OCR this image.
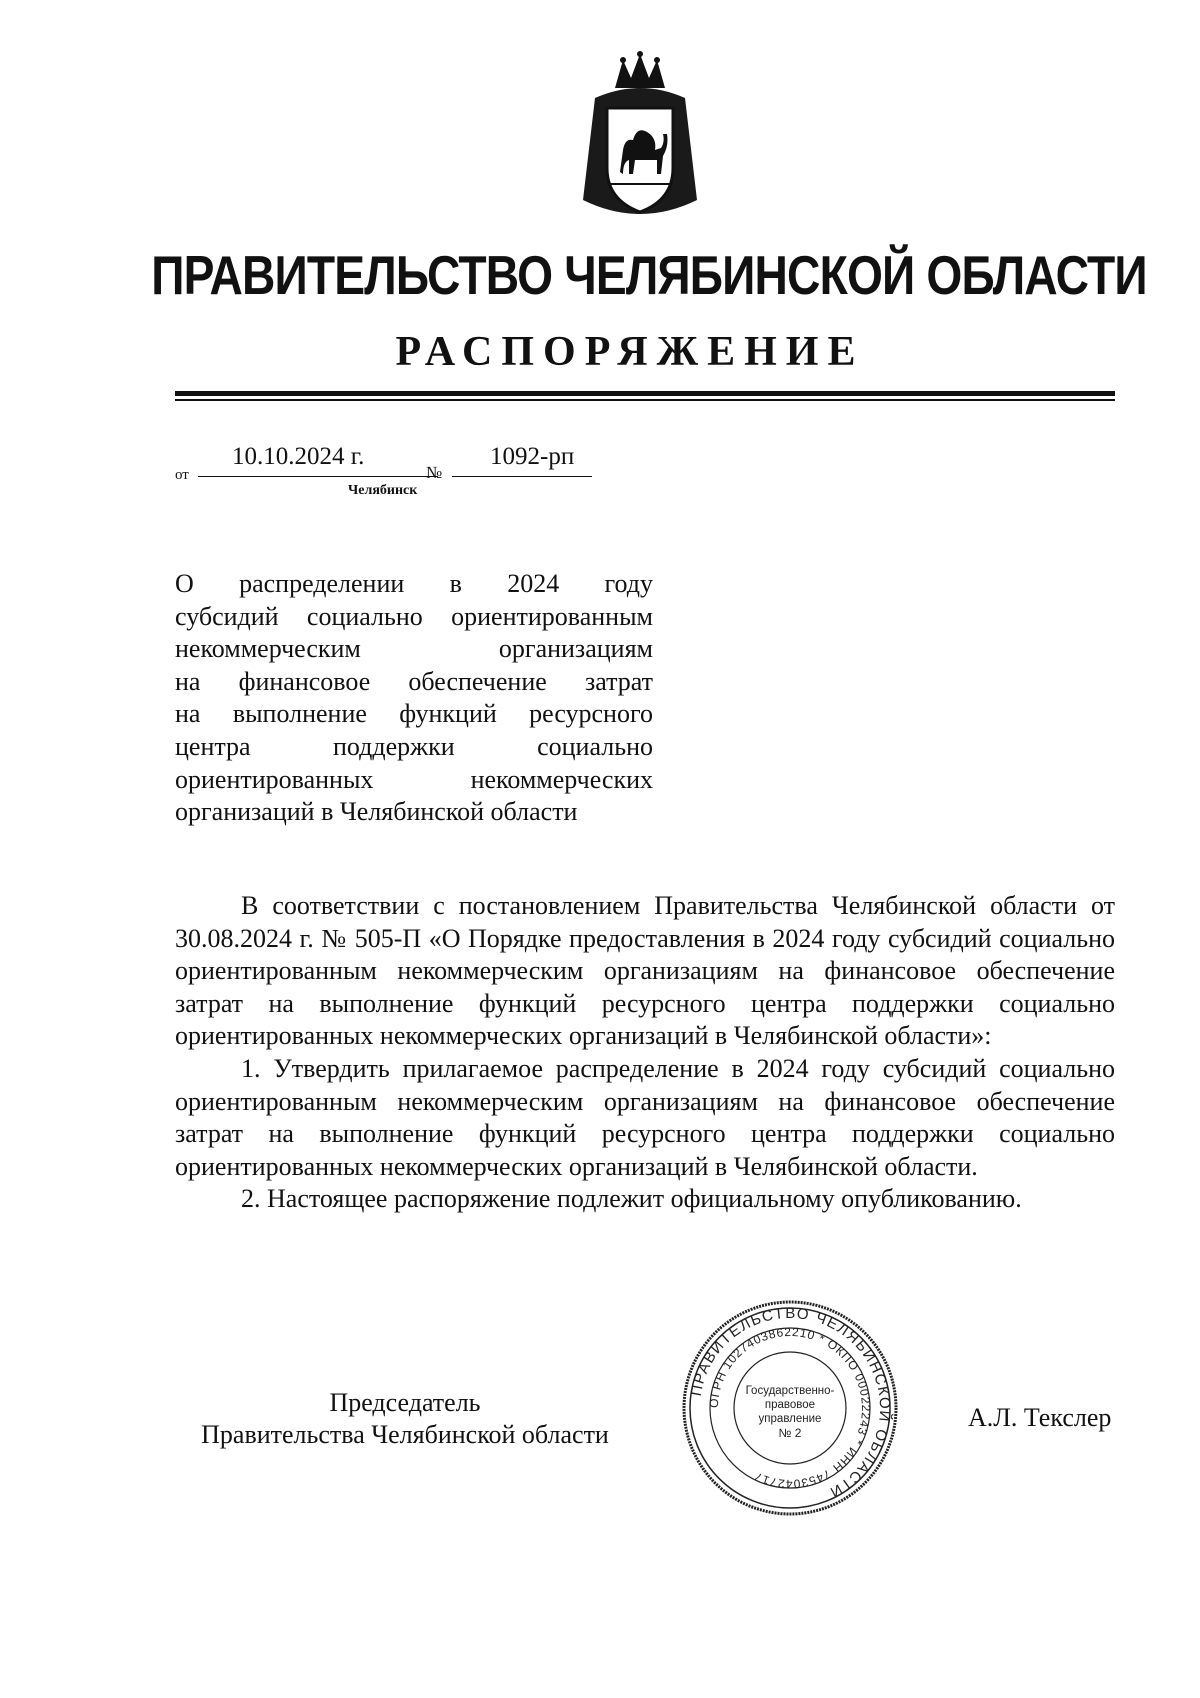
ПРАВИТЕЛЬСТВО ЧЕЛЯБИНСКОЙ ОБЛАСТИ
РАСПОРЯЖЕНИЕ
от
10.10.2024 г.
№
1092-рп
Челябинск
О распределении в 2024 году
субсидий социально ориентированным
некоммерческим организациям
на финансовое обеспечение затрат
на выполнение функций ресурсного
центра поддержки социально
ориентированных некоммерческих
организаций в Челябинской области

В соответствии с постановлением Правительства Челябинской области от 30.08.2024 г. № 505-П «О Порядке предоставления в 2024 году субсидий социально ориентированным некоммерческим организациям на финансовое обеспечение затрат на выполнение функций ресурсного центра поддержки социально ориентированных некоммерческих организаций в Челябинской области»:

1. Утвердить прилагаемое распределение в 2024 году субсидий социально ориентированным некоммерческим организациям на финансовое обеспечение затрат на выполнение функций ресурсного центра поддержки социально ориентированных некоммерческих организаций в Челябинской области.

2. Настоящее распоряжение подлежит официальному опубликованию.

Председатель
Правительства Челябинской области
А.Л. Текслер
ПРАВИТЕЛЬСТВО ЧЕЛЯБИНСКОЙ ОБЛАСТИ
ОГРН 1027403862210 * ОКПО 00022243 * ИНН 7453042717
Государственно-
правовое
управление
№ 2
